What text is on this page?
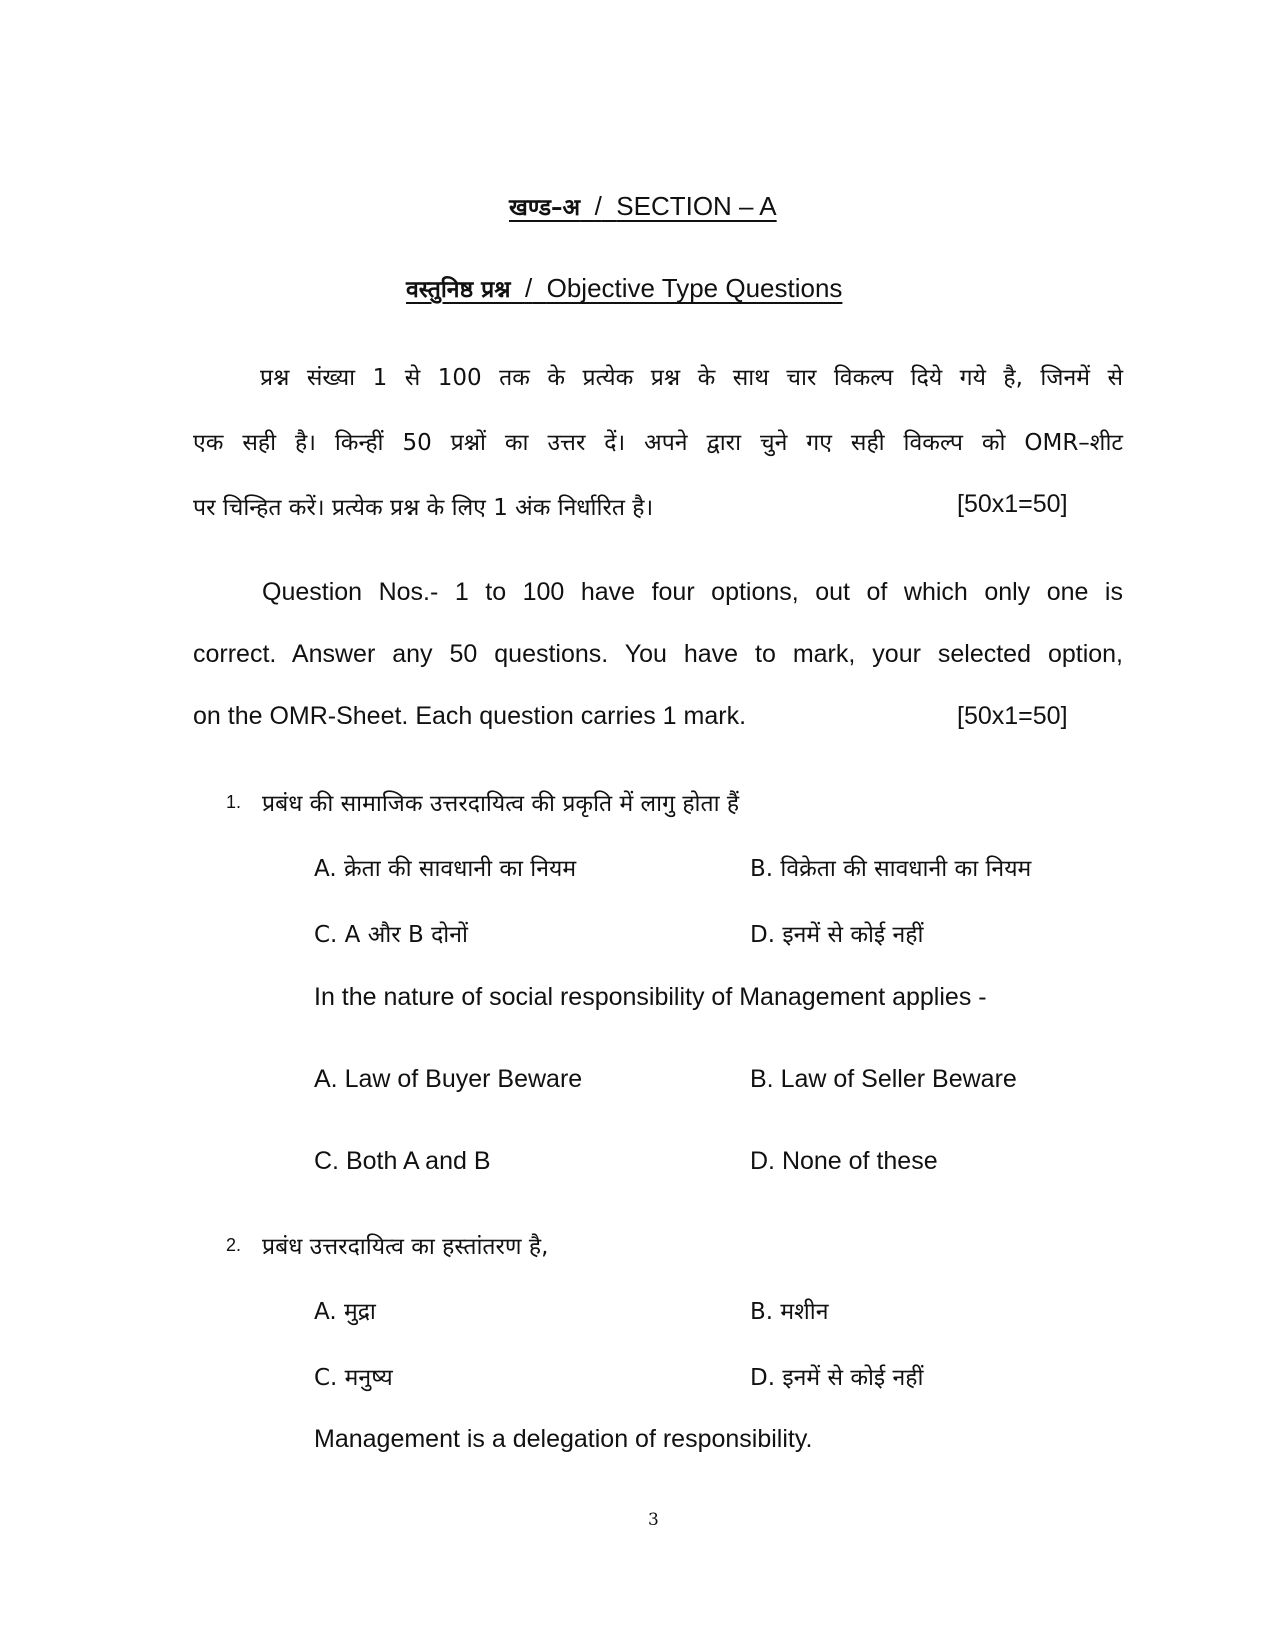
खण्ड–अ / SECTION – A
वस्तुनिष्ठ प्रश्न / Objective Type Questions
प्रश्न संख्या 1 से 100 तक के प्रत्येक प्रश्न के साथ चार विकल्प दिये गये है, जिनमें से
एक सही है। किन्हीं 50 प्रश्नों का उत्तर दें। अपने द्वारा चुने गए सही विकल्प को OMR–शीट
पर चिन्हित करें। प्रत्येक प्रश्न के लिए 1 अंक निर्धारित है।	[50x1=50]
Question Nos.- 1 to 100 have four options, out of which only one is
correct. Answer any 50 questions. You have to mark, your selected option,
on the OMR-Sheet. Each question carries 1 mark.	[50x1=50]
1. प्रबंध की सामाजिक उत्तरदायित्व की प्रकृति में लागु होता हैं
A. क्रेता की सावधानी का नियम	B. विक्रेता की सावधानी का नियम
C. A और B दोनों	D. इनमें से कोई नहीं
In the nature of social responsibility of Management applies -
A. Law of Buyer Beware	B. Law of Seller Beware
C. Both A and B	D. None of these
2. प्रबंध उत्तरदायित्व का हस्तांतरण है,
A. मुद्रा	B. मशीन
C. मनुष्य	D. इनमें से कोई नहीं
Management is a delegation of responsibility.
3
